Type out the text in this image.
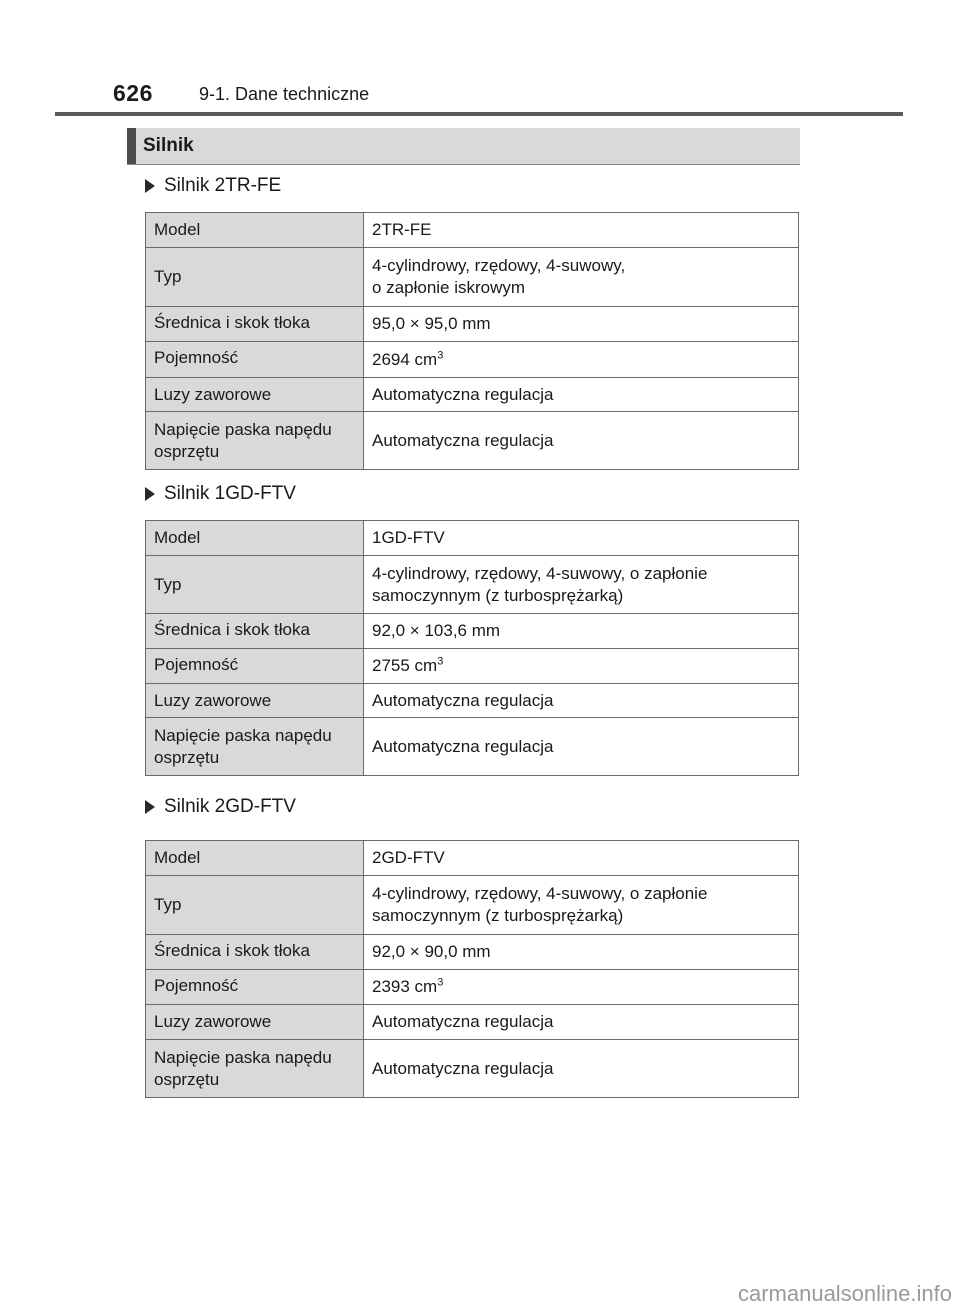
626	9-1. Dane techniczne
Silnik
Silnik 2TR-FE
Model	2TR-FE
Typ	4-cylindrowy, rzędowy, 4-suwowy,
o zapłonie iskrowym

Średnica i skok tłoka	95,0 × 95,0 mm
Pojemność	2694 $cm^3$
Luzy zaworowe	Automatyczna regulacja

Napięcie paska napędu
osprzętu	Automatyczna regulacja
Silnik 1GD-FTV
Model	1GD-FTV
Typ	4-cylindrowy, rzędowy, 4-suwowy, o zapłonie
samoczynnym (z turbosprężarką)

Średnica i skok tłoka	92,0 × 103,6 mm
Pojemność	2755 $cm^3$
Luzy zaworowe	Automatyczna regulacja

Napięcie paska napędu
osprzętu	Automatyczna regulacja
Silnik 2GD-FTV
Model	2GD-FTV
Typ	4-cylindrowy, rzędowy, 4-suwowy, o zapłonie
samoczynnym (z turbosprężarką)

Średnica i skok tłoka	92,0 × 90,0 mm
Pojemność	2393 $cm^3$
Luzy zaworowe	Automatyczna regulacja

Napięcie paska napędu
osprzętu	Automatyczna regulacja
carmanualsonline.info
